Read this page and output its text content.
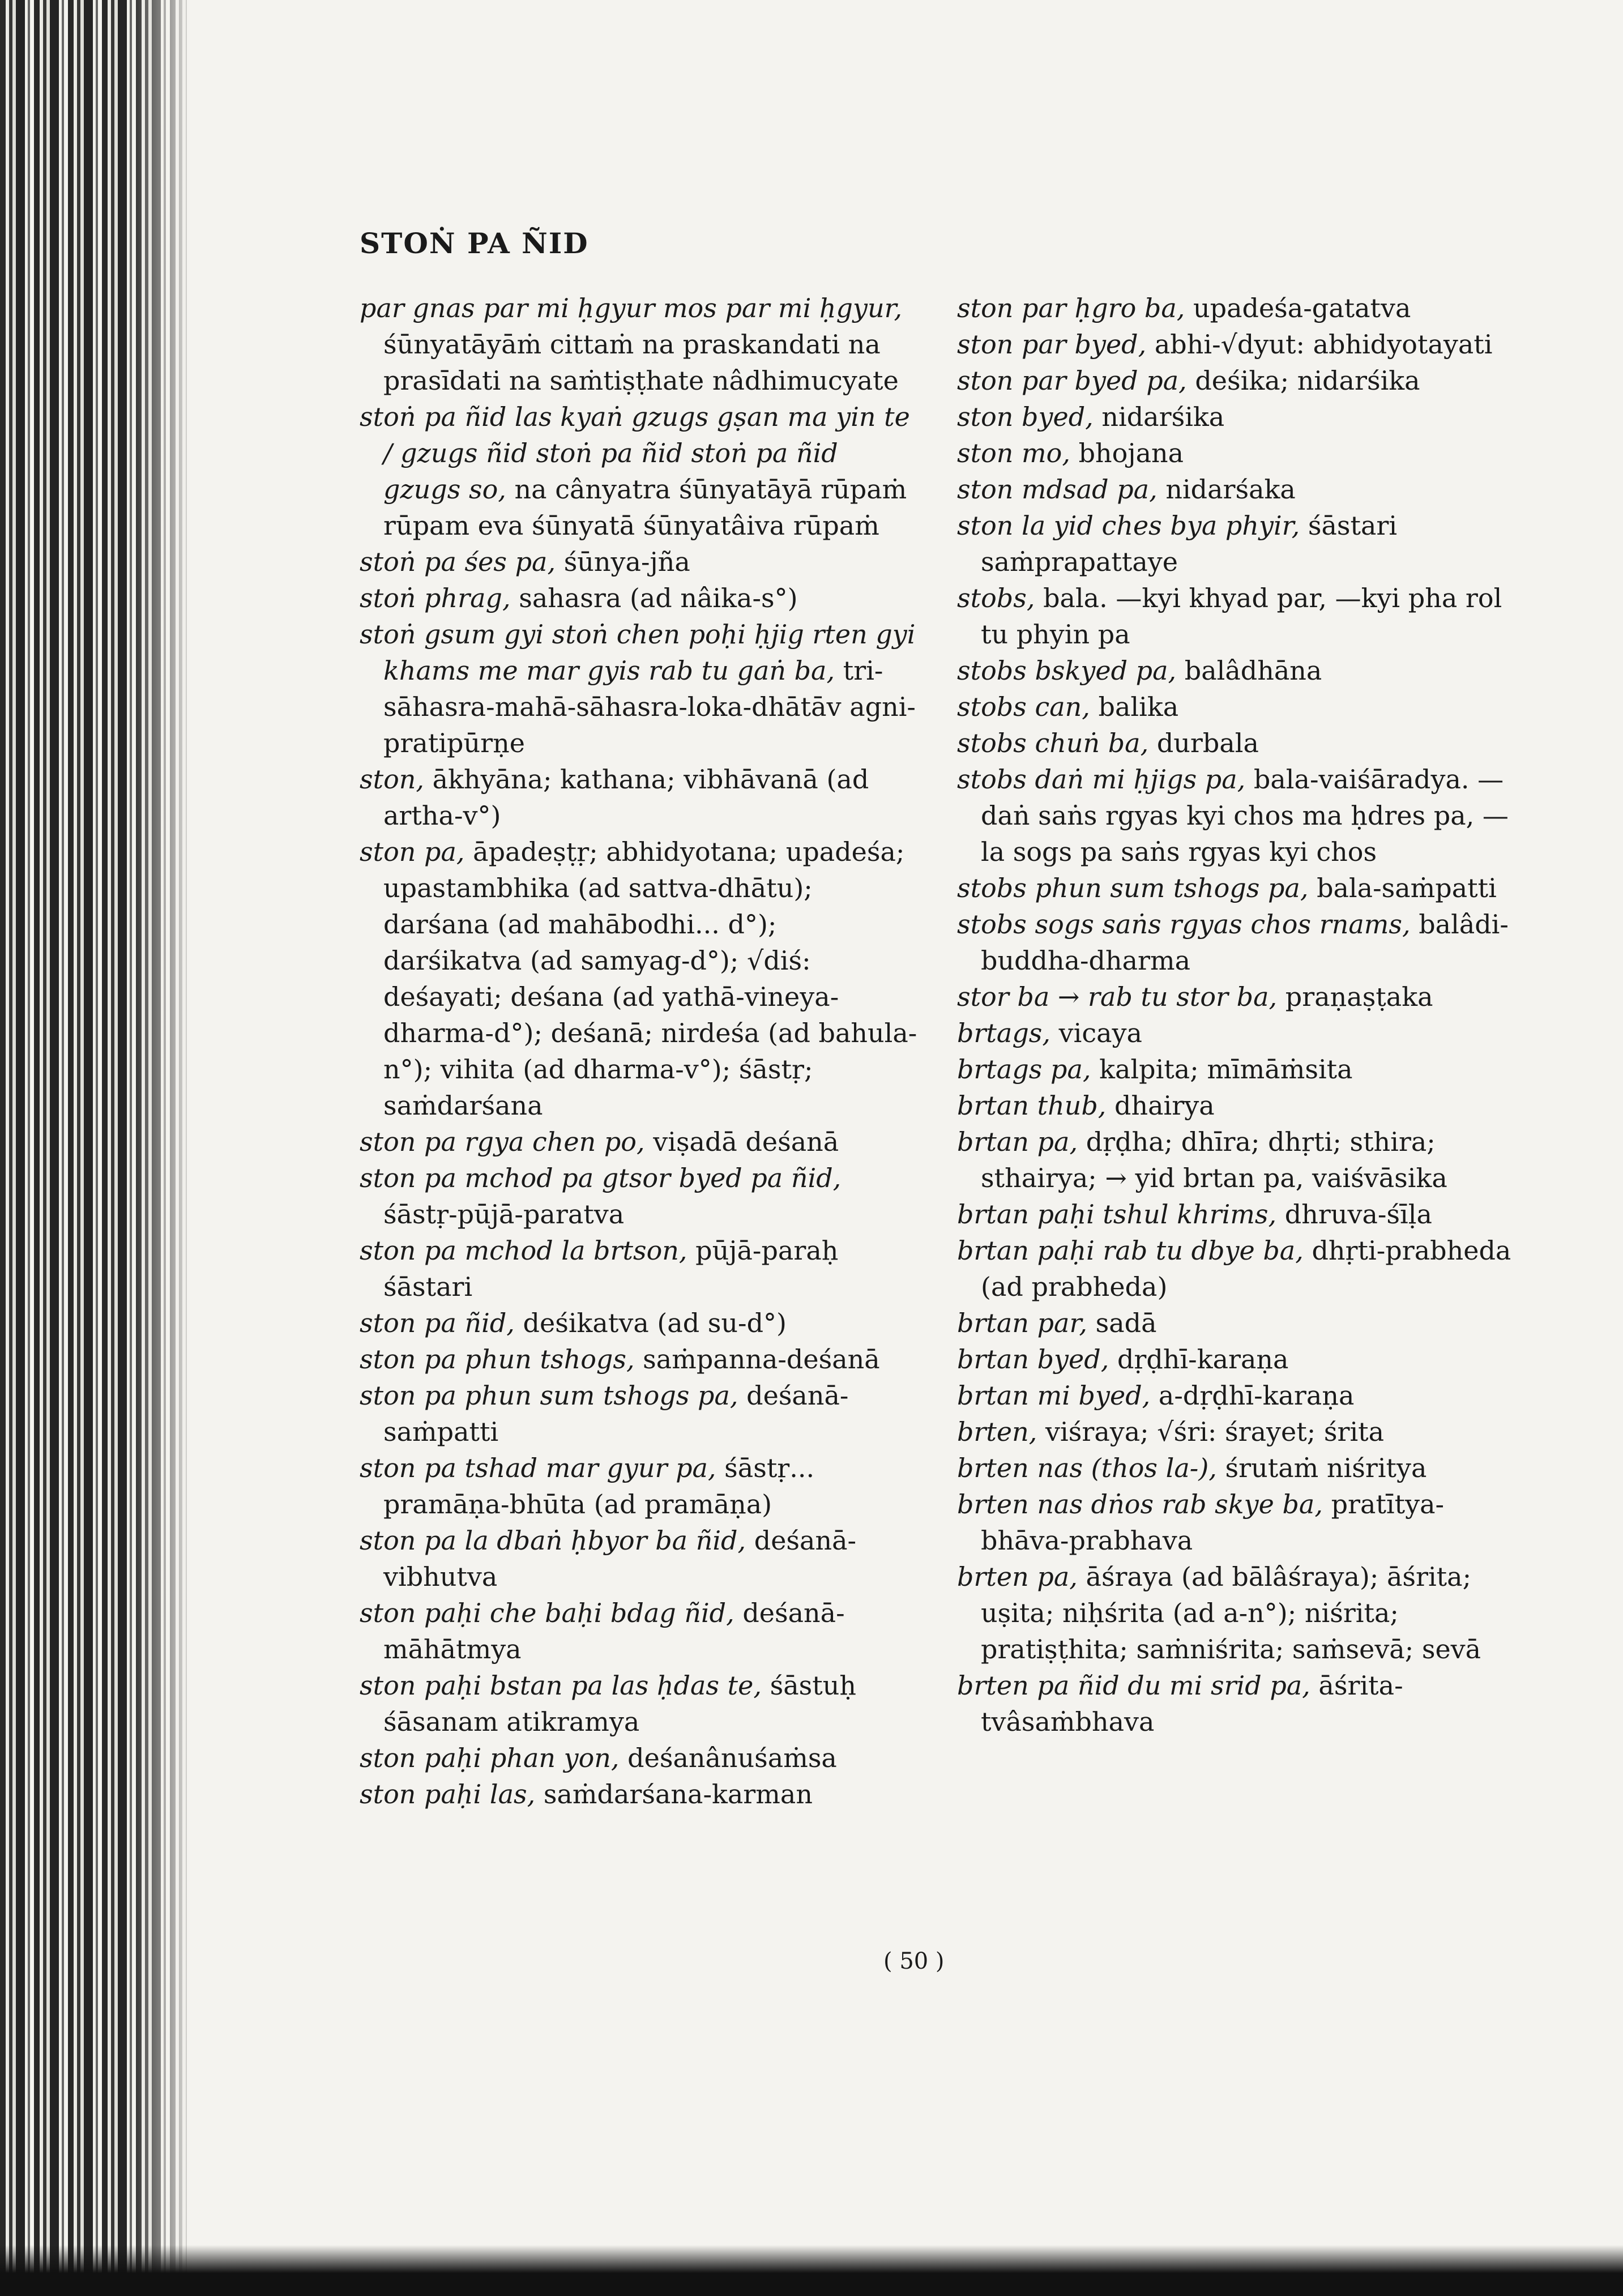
STOṄ PA ÑID

par gnas par mi ḥgyur mos par mi ḥgyur, śūnyatāyāṁ cittaṁ na praskandati na prasīdati na saṁtiṣṭhate nâdhimucyate

stoṅ pa ñid las kyaṅ gzugs gṣan ma yin te / gzugs ñid stoṅ pa ñid stoṅ pa ñid gzugs so, na cânyatra śūnyatāyā rūpaṁ rūpam eva śūnyatā śūnyatâiva rūpaṁ

stoṅ pa śes pa, śūnya-jña

stoṅ phrag, sahasra (ad nâika-s°)

stoṅ gsum gyi stoṅ chen poḥi ḥjig rten gyi khams me mar gyis rab tu gaṅ ba, tri-sāhasra-mahā-sāhasra-loka-dhātāv agni-pratipūrṇe

ston, ākhyāna; kathana; vibhāvanā (ad artha-v°)

ston pa, āpadeṣṭṛ; abhidyotana; upadeśa; upastambhika (ad sattva-dhātu); darśana (ad mahābodhi... d°); darśikatva (ad samyag-d°); √diś: deśayati; deśana (ad yathā-vineya-dharma-d°); deśanā; nirdeśa (ad bahula-n°); vihita (ad dharma-v°); śāstṛ; saṁdarśana

ston pa rgya chen po, viṣadā deśanā

ston pa mchod pa gtsor byed pa ñid, śāstṛ-pūjā-paratva

ston pa mchod la brtson, pūjā-paraḥ śāstari

ston pa ñid, deśikatva (ad su-d°)

ston pa phun tshogs, saṁpanna-deśanā

ston pa phun sum tshogs pa, deśanā-saṁpatti

ston pa tshad mar gyur pa, śāstṛ... pramāṇa-bhūta (ad pramāṇa)

ston pa la dbaṅ ḥbyor ba ñid, deśanā-vibhutva

ston paḥi che baḥi bdag ñid, deśanā-māhātmya

ston paḥi bstan pa las ḥdas te, śāstuḥ śāsanam atikramya

ston paḥi phan yon, deśanânuśaṁsa

ston paḥi las, saṁdarśana-karman

ston par ḥgro ba, upadeśa-gatatva

ston par byed, abhi-√dyut: abhidyotayati

ston par byed pa, deśika; nidarśika

ston byed, nidarśika

ston mo, bhojana

ston mdsad pa, nidarśaka

ston la yid ches bya phyir, śāstari saṁprapattaye

stobs, bala. —kyi khyad par, —kyi pha rol tu phyin pa

stobs bskyed pa, balâdhāna

stobs can, balika

stobs chuṅ ba, durbala

stobs daṅ mi ḥjigs pa, bala-vaiśāradya. —daṅ saṅs rgyas kyi chos ma ḥdres pa, —la sogs pa saṅs rgyas kyi chos

stobs phun sum tshogs pa, bala-saṁpatti

stobs sogs saṅs rgyas chos rnams, balâdi-buddha-dharma

stor ba → rab tu stor ba, praṇaṣṭaka

brtags, vicaya

brtags pa, kalpita; mīmāṁsita

brtan thub, dhairya

brtan pa, dṛḍha; dhīra; dhṛti; sthira; sthairya; → yid brtan pa, vaiśvāsika

brtan paḥi tshul khrims, dhruva-śīḷa

brtan paḥi rab tu dbye ba, dhṛti-prabheda (ad prabheda)

brtan par, sadā

brtan byed, dṛḍhī-karaṇa

brtan mi byed, a-dṛḍhī-karaṇa

brten, viśraya; √śri: śrayet; śrita

brten nas (thos la-), śrutaṁ niśritya

brten nas dṅos rab skye ba, pratītya-bhāva-prabhava

brten pa, āśraya (ad bālâśraya); āśrita; uṣita; niḥśrita (ad a-n°); niśrita; pratiṣṭhita; saṁniśrita; saṁsevā; sevā

brten pa ñid du mi srid pa, āśrita-tvâsaṁbhava

( 50 )
